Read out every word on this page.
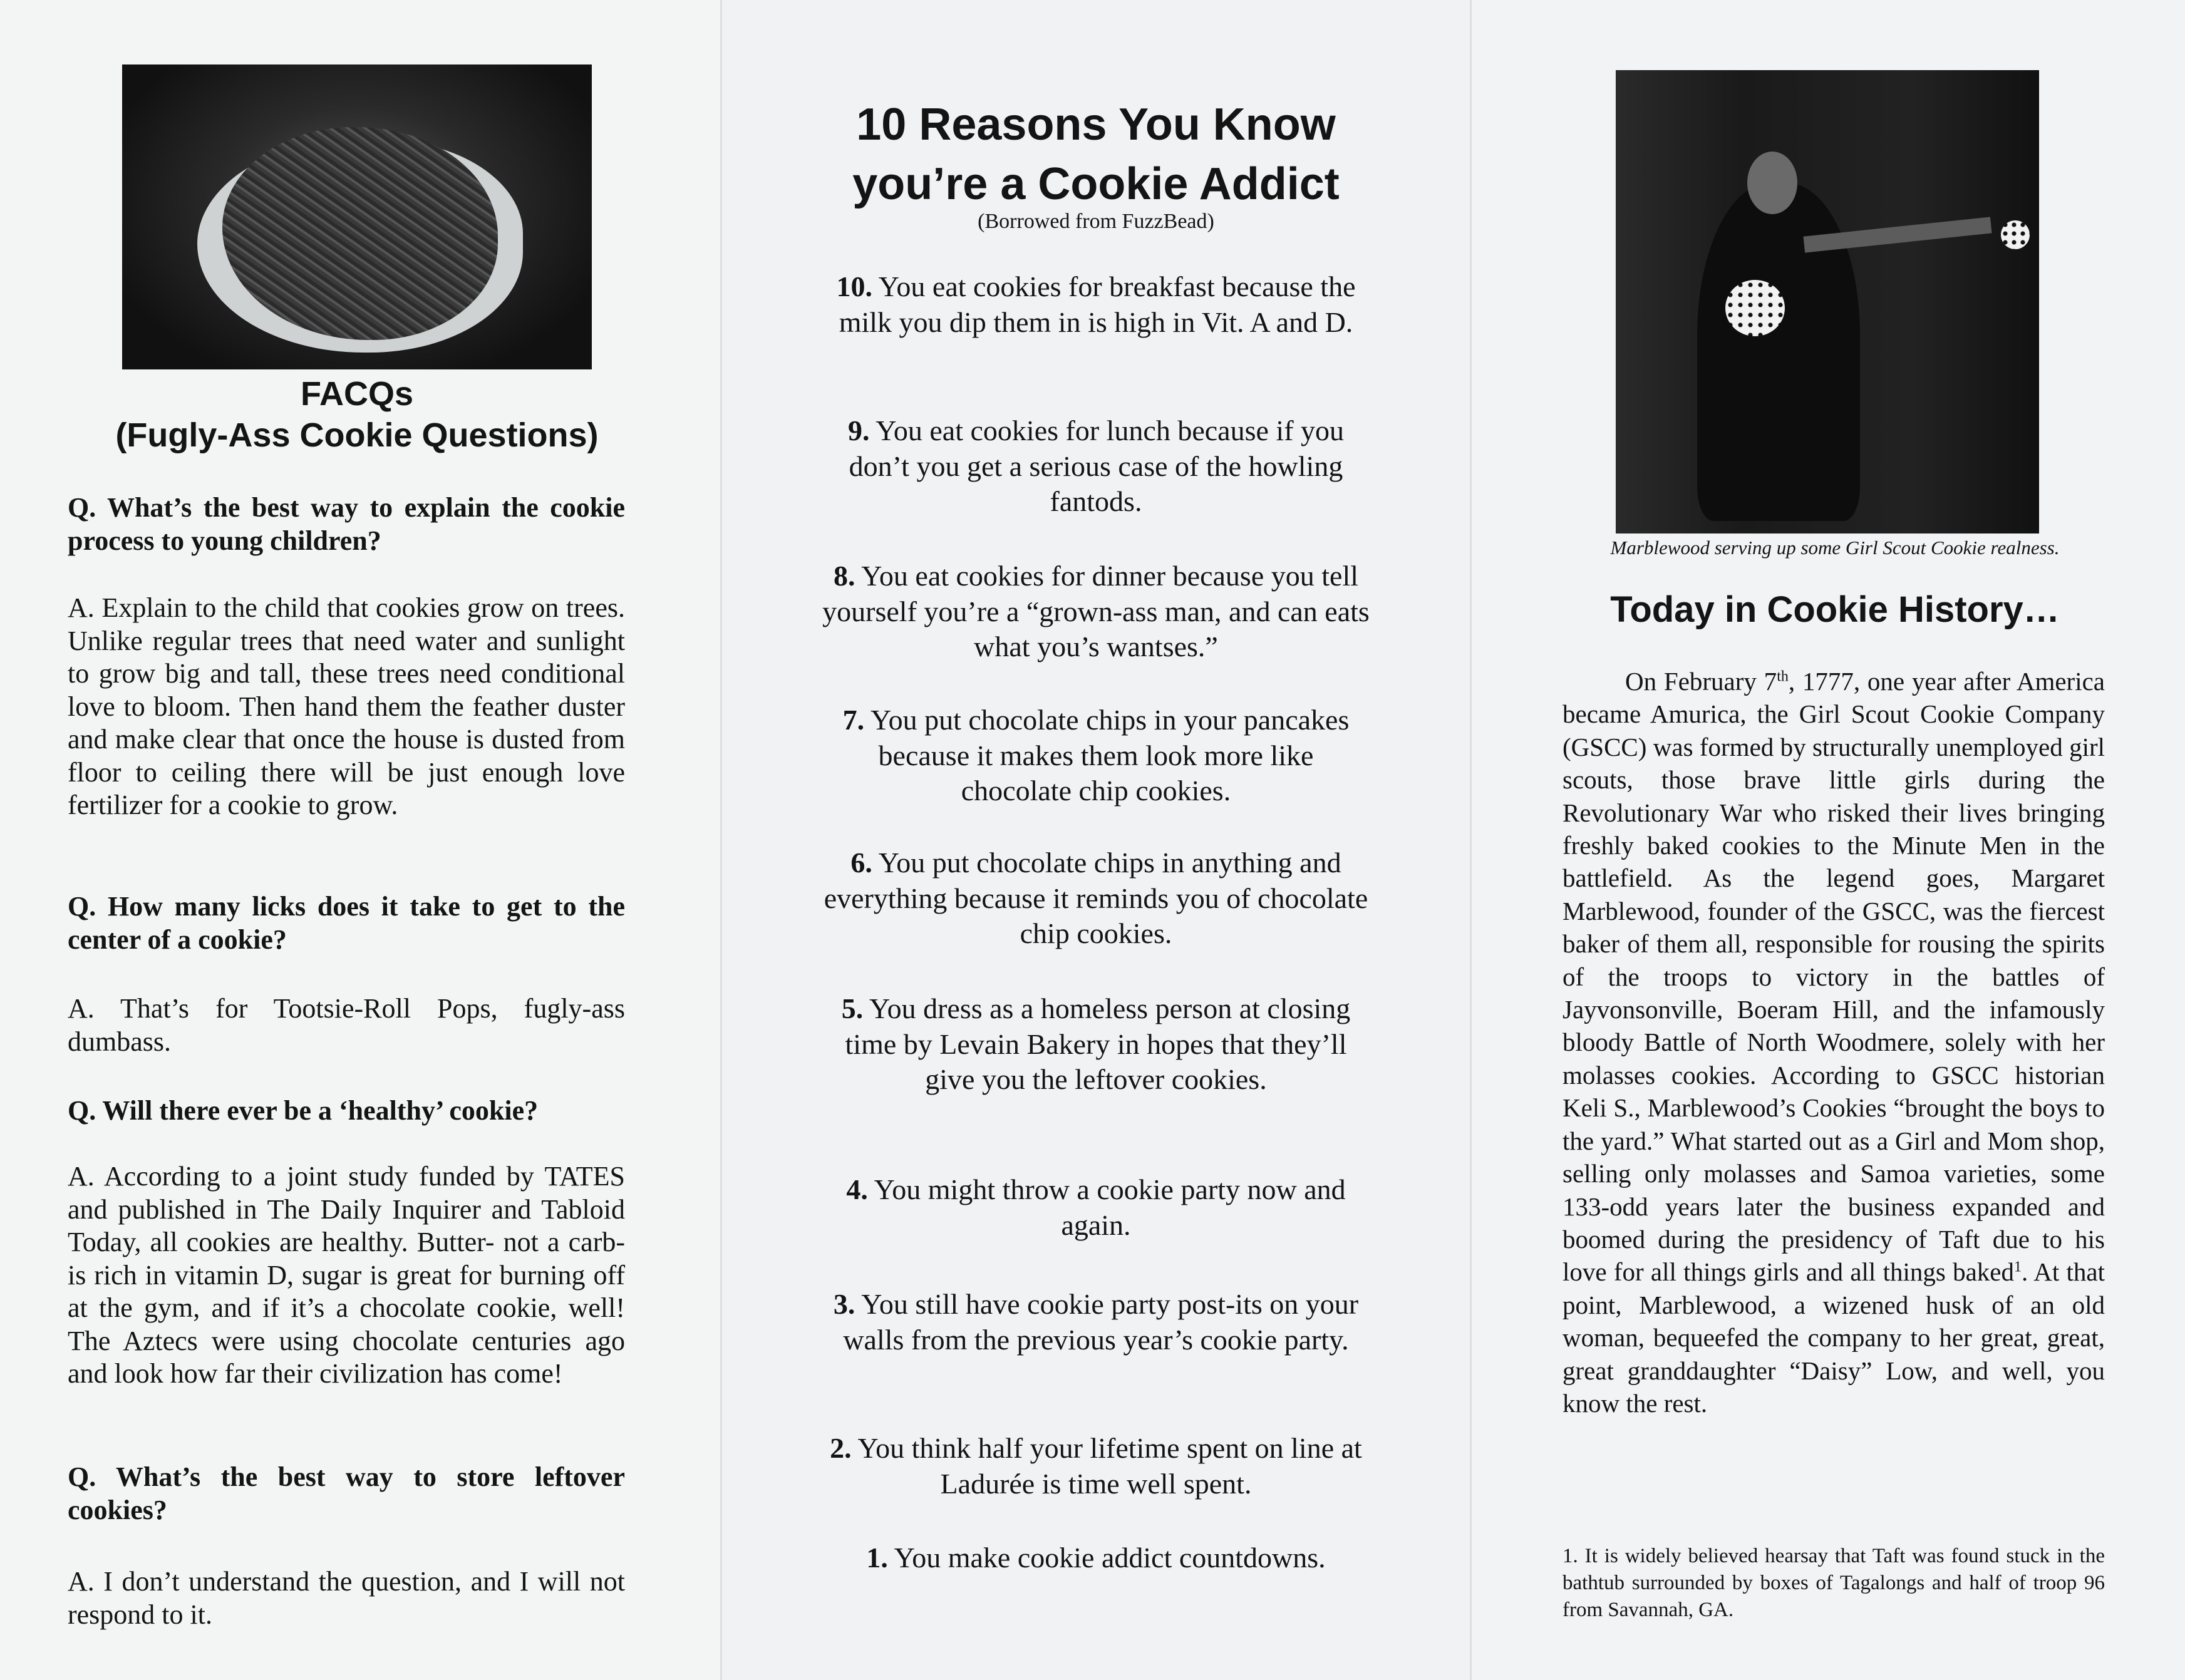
FACQs
(Fugly-Ass Cookie Questions)
Q. What’s the best way to explain the cookie process to young children?
A. Explain to the child that cookies grow on trees. Unlike regular trees that need water and sunlight to grow big and tall, these trees need conditional love to bloom. Then hand them the feather duster and make clear that once the house is dusted from floor to ceiling there will be just enough love fertilizer for a cookie to grow.
Q. How many licks does it take to get to the center of a cookie?
A. That’s for Tootsie-Roll Pops, fugly-ass dumbass.
Q. Will there ever be a ‘healthy’ cookie?
A. According to a joint study funded by TATES and published in The Daily Inquirer and Tabloid Today, all cookies are healthy. Butter- not a carb- is rich in vitamin D, sugar is great for burning off at the gym, and if it’s a chocolate cookie, well! The Aztecs were using chocolate centuries ago and look how far their civilization has come!
Q. What’s the best way to store leftover cookies?
A. I don’t understand the question, and I will not respond to it.
10 Reasons You Know
you’re a Cookie Addict
(Borrowed from FuzzBead)
10. You eat cookies for breakfast because the milk you dip them in is high in Vit. A and D.
9. You eat cookies for lunch because if you don’t you get a serious case of the howling fantods.
8. You eat cookies for dinner because you tell yourself you’re a “grown-ass man, and can eats what you’s wantses.”
7. You put chocolate chips in your pancakes because it makes them look more like chocolate chip cookies.
6. You put chocolate chips in anything and everything because it reminds you of chocolate chip cookies.
5. You dress as a homeless person at closing time by Levain Bakery in hopes that they’ll give you the leftover cookies.
4. You might throw a cookie party now and again.
3. You still have cookie party post-its on your walls from the previous year’s cookie party.
2. You think half your lifetime spent on line at Ladurée is time well spent.
1. You make cookie addict countdowns.
Marblewood serving up some Girl Scout Cookie realness.
Today in Cookie History…
On February 7th, 1777, one year after America became Amurica, the Girl Scout Cookie Company (GSCC) was formed by structurally unemployed girl scouts, those brave little girls during the Revolutionary War who risked their lives bringing freshly baked cookies to the Minute Men in the battlefield. As the legend goes, Margaret Marblewood, founder of the GSCC, was the fiercest baker of them all, responsible for rousing the spirits of the troops to victory in the battles of Jayvonsonville, Boeram Hill, and the infamously bloody Battle of North Woodmere, solely with her molasses cookies. According to GSCC historian Keli S., Marblewood’s Cookies “brought the boys to the yard.” What started out as a Girl and Mom shop, selling only molasses and Samoa varieties, some 133-odd years later the business expanded and boomed during the presidency of Taft due to his love for all things girls and all things baked$^1$. At that point, Marblewood, a wizened husk of an old woman, bequeefed the company to her great, great, great granddaughter “Daisy” Low, and well, you know the rest.
1. It is widely believed hearsay that Taft was found stuck in the bathtub surrounded by boxes of Tagalongs and half of troop 96 from Savannah, GA.
